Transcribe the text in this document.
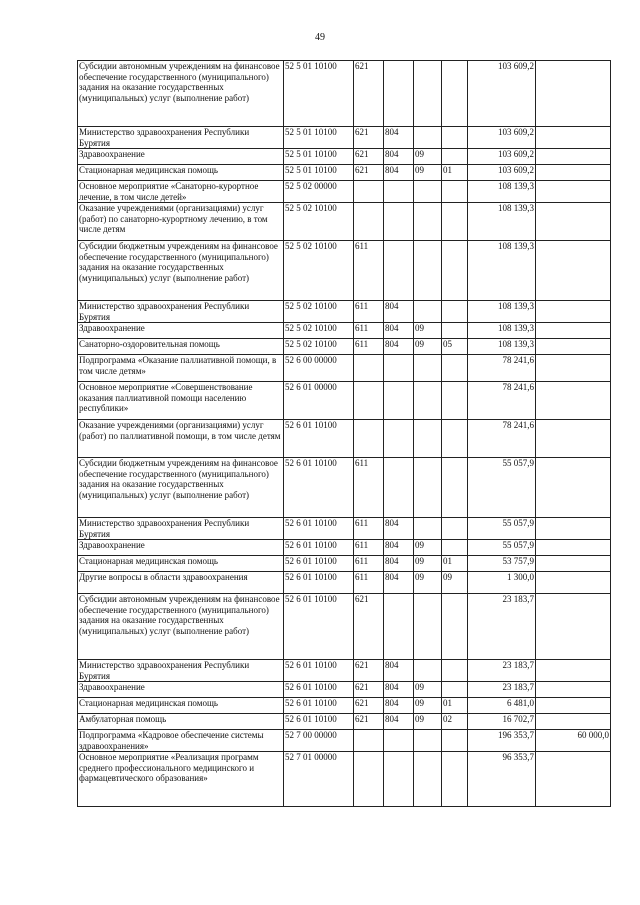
49
Субсидии автономным учреждениям на финансовое обеспечение государственного (муниципального) задания на оказание государственных (муниципальных) услуг (выполнение работ)	52 5 01 10100	621				103 609,2	
Министерство здравоохранения Республики Бурятия	52 5 01 10100	621	804			103 609,2	
Здравоохранение	52 5 01 10100	621	804	09		103 609,2	
Стационарная медицинская помощь	52 5 01 10100	621	804	09	01	103 609,2	
Основное мероприятие «Санаторно-курортное лечение, в том числе детей»	52 5 02 00000					108 139,3	
Оказание учреждениями (организациями) услуг (работ) по санаторно-курортному лечению, в том числе детям	52 5 02 10100					108 139,3	
Субсидии бюджетным учреждениям на финансовое обеспечение государственного (муниципального) задания на оказание государственных (муниципальных) услуг (выполнение работ)	52 5 02 10100	611				108 139,3	
Министерство здравоохранения Республики Бурятия	52 5 02 10100	611	804			108 139,3	
Здравоохранение	52 5 02 10100	611	804	09		108 139,3	
Санаторно-оздоровительная помощь	52 5 02 10100	611	804	09	05	108 139,3	
Подпрограмма «Оказание паллиативной помощи, в том числе детям»	52 6 00 00000					78 241,6	
Основное мероприятие «Совершенствование оказания паллиативной помощи населению республики»	52 6 01 00000					78 241,6	
Оказание учреждениями (организациями) услуг (работ) по паллиативной помощи, в том числе детям	52 6 01 10100					78 241,6	
Субсидии бюджетным учреждениям на финансовое обеспечение государственного (муниципального) задания на оказание государственных (муниципальных) услуг (выполнение работ)	52 6 01 10100	611				55 057,9	
Министерство здравоохранения Республики Бурятия	52 6 01 10100	611	804			55 057,9	
Здравоохранение	52 6 01 10100	611	804	09		55 057,9	
Стационарная медицинская помощь	52 6 01 10100	611	804	09	01	53 757,9	
Другие вопросы в области здравоохранения	52 6 01 10100	611	804	09	09	1 300,0	
Субсидии автономным учреждениям на финансовое обеспечение государственного (муниципального) задания на оказание государственных (муниципальных) услуг (выполнение работ)	52 6 01 10100	621				23 183,7	
Министерство здравоохранения Республики Бурятия	52 6 01 10100	621	804			23 183,7	
Здравоохранение	52 6 01 10100	621	804	09		23 183,7	
Стационарная медицинская помощь	52 6 01 10100	621	804	09	01	6 481,0	
Амбулаторная помощь	52 6 01 10100	621	804	09	02	16 702,7	
Подпрограмма «Кадровое обеспечение системы здравоохранения»	52 7 00 00000					196 353,7	60 000,0
Основное мероприятие «Реализация программ среднего профессионального медицинского и фармацевтического образования»	52 7 01 00000					96 353,7	
